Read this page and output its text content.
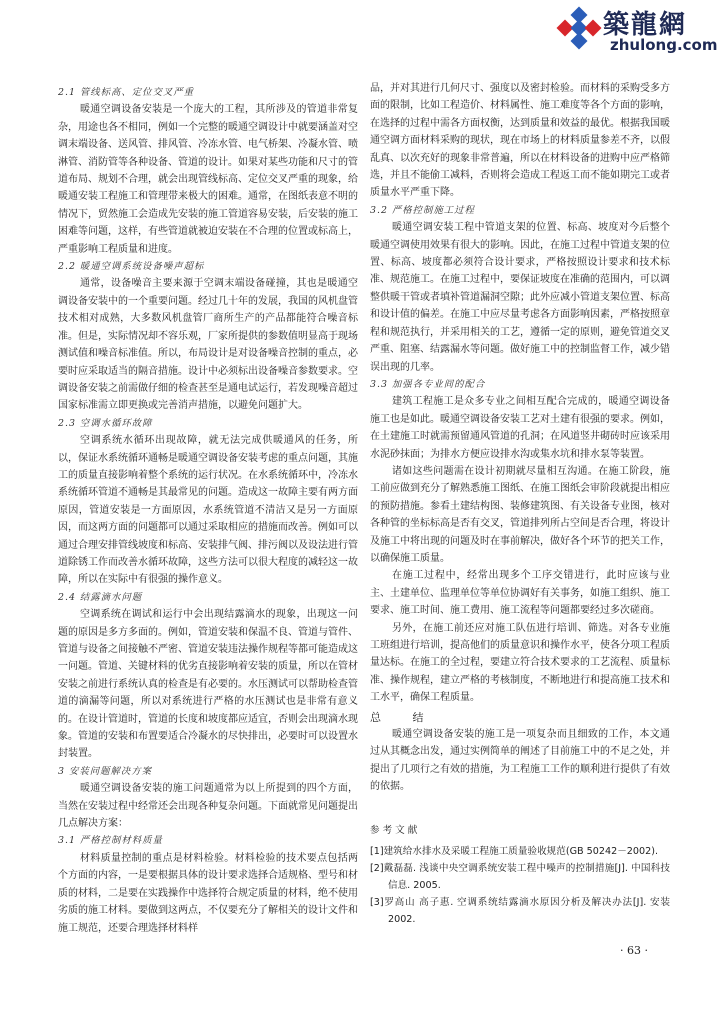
築龍網
zhulong.com
2.1 管线标高、定位交叉严重

暖通空调设备安装是一个庞大的工程，其所涉及的管道非常复杂，用途也各不相同，例如一个完整的暖通空调设计中就要涵盖对空调末端设备、送风管、排风管、冷冻水管、电气桥架、冷凝水管、喷淋管、消防管等各种设备、管道的设计。如果对某些功能和尺寸的管道布局、规划不合理，就会出现管线标高、定位交叉严重的现象，给暖通安装工程施工和管理带来极大的困难。通常，在图纸表意不明的情况下，贸然施工会造成先安装的施工管道容易安装，后安装的施工困难等问题，这样，有些管道就被迫安装在不合理的位置或标高上，严重影响工程质量和进度。

2.2 暖通空调系统设备噪声超标

通常，设备噪音主要来源于空调末端设备碰撞，其也是暖通空调设备安装中的一个重要问题。经过几十年的发展，我国的风机盘管技术相对成熟，大多数风机盘管厂商所生产的产品都能符合噪音标准。但是，实际情况却不容乐观，厂家所提供的参数值明显高于现场测试值和噪音标准值。所以，布局设计是对设备噪音控制的重点，必要时应采取适当的隔音措施。设计中必须标出设备噪音参数要求。空调设备安装之前需做仔细的检查甚至是通电试运行，若发现噪音超过国家标准需立即更换或完善消声措施，以避免问题扩大。

2.3 空调水循环故障

空调系统水循环出现故障，就无法完成供暖通风的任务，所以，保证水系统循环通畅是暖通空调设备安装考虑的重点问题，其施工的质量直接影响着整个系统的运行状况。在水系统循环中，冷冻水系统循环管道不通畅是其最常见的问题。造成这一故障主要有两方面原因，管道安装是一方面原因，水系统管道不清洁又是另一方面原因，而这两方面的问题都可以通过采取相应的措施而改善。例如可以通过合理安排管线坡度和标高、安装排气阀、排污阀以及设法进行管道除锈工作而改善水循环故障，这些方法可以很大程度的减轻这一故障，所以在实际中有很强的操作意义。

2.4 结露滴水问题

空调系统在调试和运行中会出现结露滴水的现象，出现这一问题的原因是多方多面的。例如，管道安装和保温不良、管道与管件、管道与设备之间接触不严密、管道安装违法操作规程等都可能造成这一问题。管道、关键材料的优劣直接影响着安装的质量，所以在管材安装之前进行系统认真的检查是有必要的。水压测试可以帮助检查管道的滴漏等问题，所以对系统进行严格的水压测试也是非常有意义的。在设计管道时，管道的长度和坡度都应适宜，否则会出现滴水现象。管道的安装和布置要适合冷凝水的尽快排出，必要时可以设置水封装置。

3 安装问题解决方案

暖通空调设备安装的施工问题通常为以上所提到的四个方面，当然在安装过程中经常还会出现各种复杂问题。下面就常见问题提出几点解决方案：

3.1 严格控制材料质量

材料质量控制的重点是材料检验。材料检验的技术要点包括两个方面的内容，一是要根据具体的设计要求选择合适规格、型号和材质的材料，二是要在实践操作中选择符合规定质量的材料，绝不使用劣质的施工材料。要做到这两点，不仅要充分了解相关的设计文件和施工规范，还要合理选择材料样

品，并对其进行几何尺寸、强度以及密封检验。而材料的采购受多方面的限制，比如工程造价、材料属性、施工难度等各个方面的影响，在选择的过程中需各方面权衡，达到质量和效益的最优。根据我国暖通空调方面材料采购的现状，现在市场上的材料质量参差不齐，以假乱真、以次充好的现象非常普遍，所以在材料设备的进购中应严格筛选，并且不能偷工减料，否则将会造成工程返工而不能如期完工或者质量水平严重下降。

3.2 严格控制施工过程

暖通空调安装工程中管道支架的位置、标高、坡度对今后整个暖通空调使用效果有很大的影响。因此，在施工过程中管道支架的位置、标高、坡度都必须符合设计要求，严格按照设计要求和技术标准、规范施工。在施工过程中，要保证坡度在准确的范围内，可以调整供暖干管或者填补管道漏洞空隙；此外应减小管道支架位置、标高和设计值的偏差。在施工中应尽量考虑各方面影响因素，严格按照章程和规范执行，并采用相关的工艺，遵循一定的原则，避免管道交叉严重、阻塞、结露漏水等问题。做好施工中的控制监督工作，减少错误出现的几率。

3.3 加强各专业间的配合

建筑工程施工是众多专业之间相互配合完成的，暖通空调设备施工也是如此。暖通空调设备安装工艺对土建有很强的要求。例如，在土建施工时就需预留通风管道的孔洞；在风道竖井砌砖时应该采用水泥砂抹面；为排水方便应设排水沟或集水坑和排水泵等装置。

诸如这些问题需在设计初期就尽量相互沟通。在施工阶段，施工前应做到充分了解熟悉施工图纸、在施工图纸会审阶段就提出相应的预防措施。参看土建结构图、装修建筑图、有关设备专业图，核对各种管的坐标标高是否有交叉，管道排列所占空间是否合理，将设计及施工中将出现的问题及时在事前解决，做好各个环节的把关工作，以确保施工质量。

在施工过程中，经常出现多个工序交错进行，此时应该与业主、土建单位、监理单位等单位协调好有关事务，如施工组织、施工要求、施工时间、施工费用、施工流程等问题都要经过多次磋商。

另外，在施工前还应对施工队伍进行培训、筛选。对各专业施工班组进行培训，提高他们的质量意识和操作水平，使各分项工程质量达标。在施工的全过程，要建立符合技术要求的工艺流程、质量标准、操作规程，建立严格的考核制度，不断地进行和提高施工技术和工水平，确保工程质量。

总 结

暖通空调设备安装的施工是一项复杂而且细致的工作，本文通过从其概念出发，通过实例简单的阐述了目前施工中的不足之处，并提出了几项行之有效的措施，为工程施工工作的顺利进行提供了有效的依据。

参考文献

[1]建筑给水排水及采暖工程施工质量验收规范(GB 50242－2002).

[2]戴磊磊. 浅谈中央空调系统安装工程中噪声的控制措施[J]. 中国科技信息. 2005.

[3]罗高山 高子惠. 空调系统结露滴水原因分析及解决办法[J]. 安装 2002.

· 63 ·
